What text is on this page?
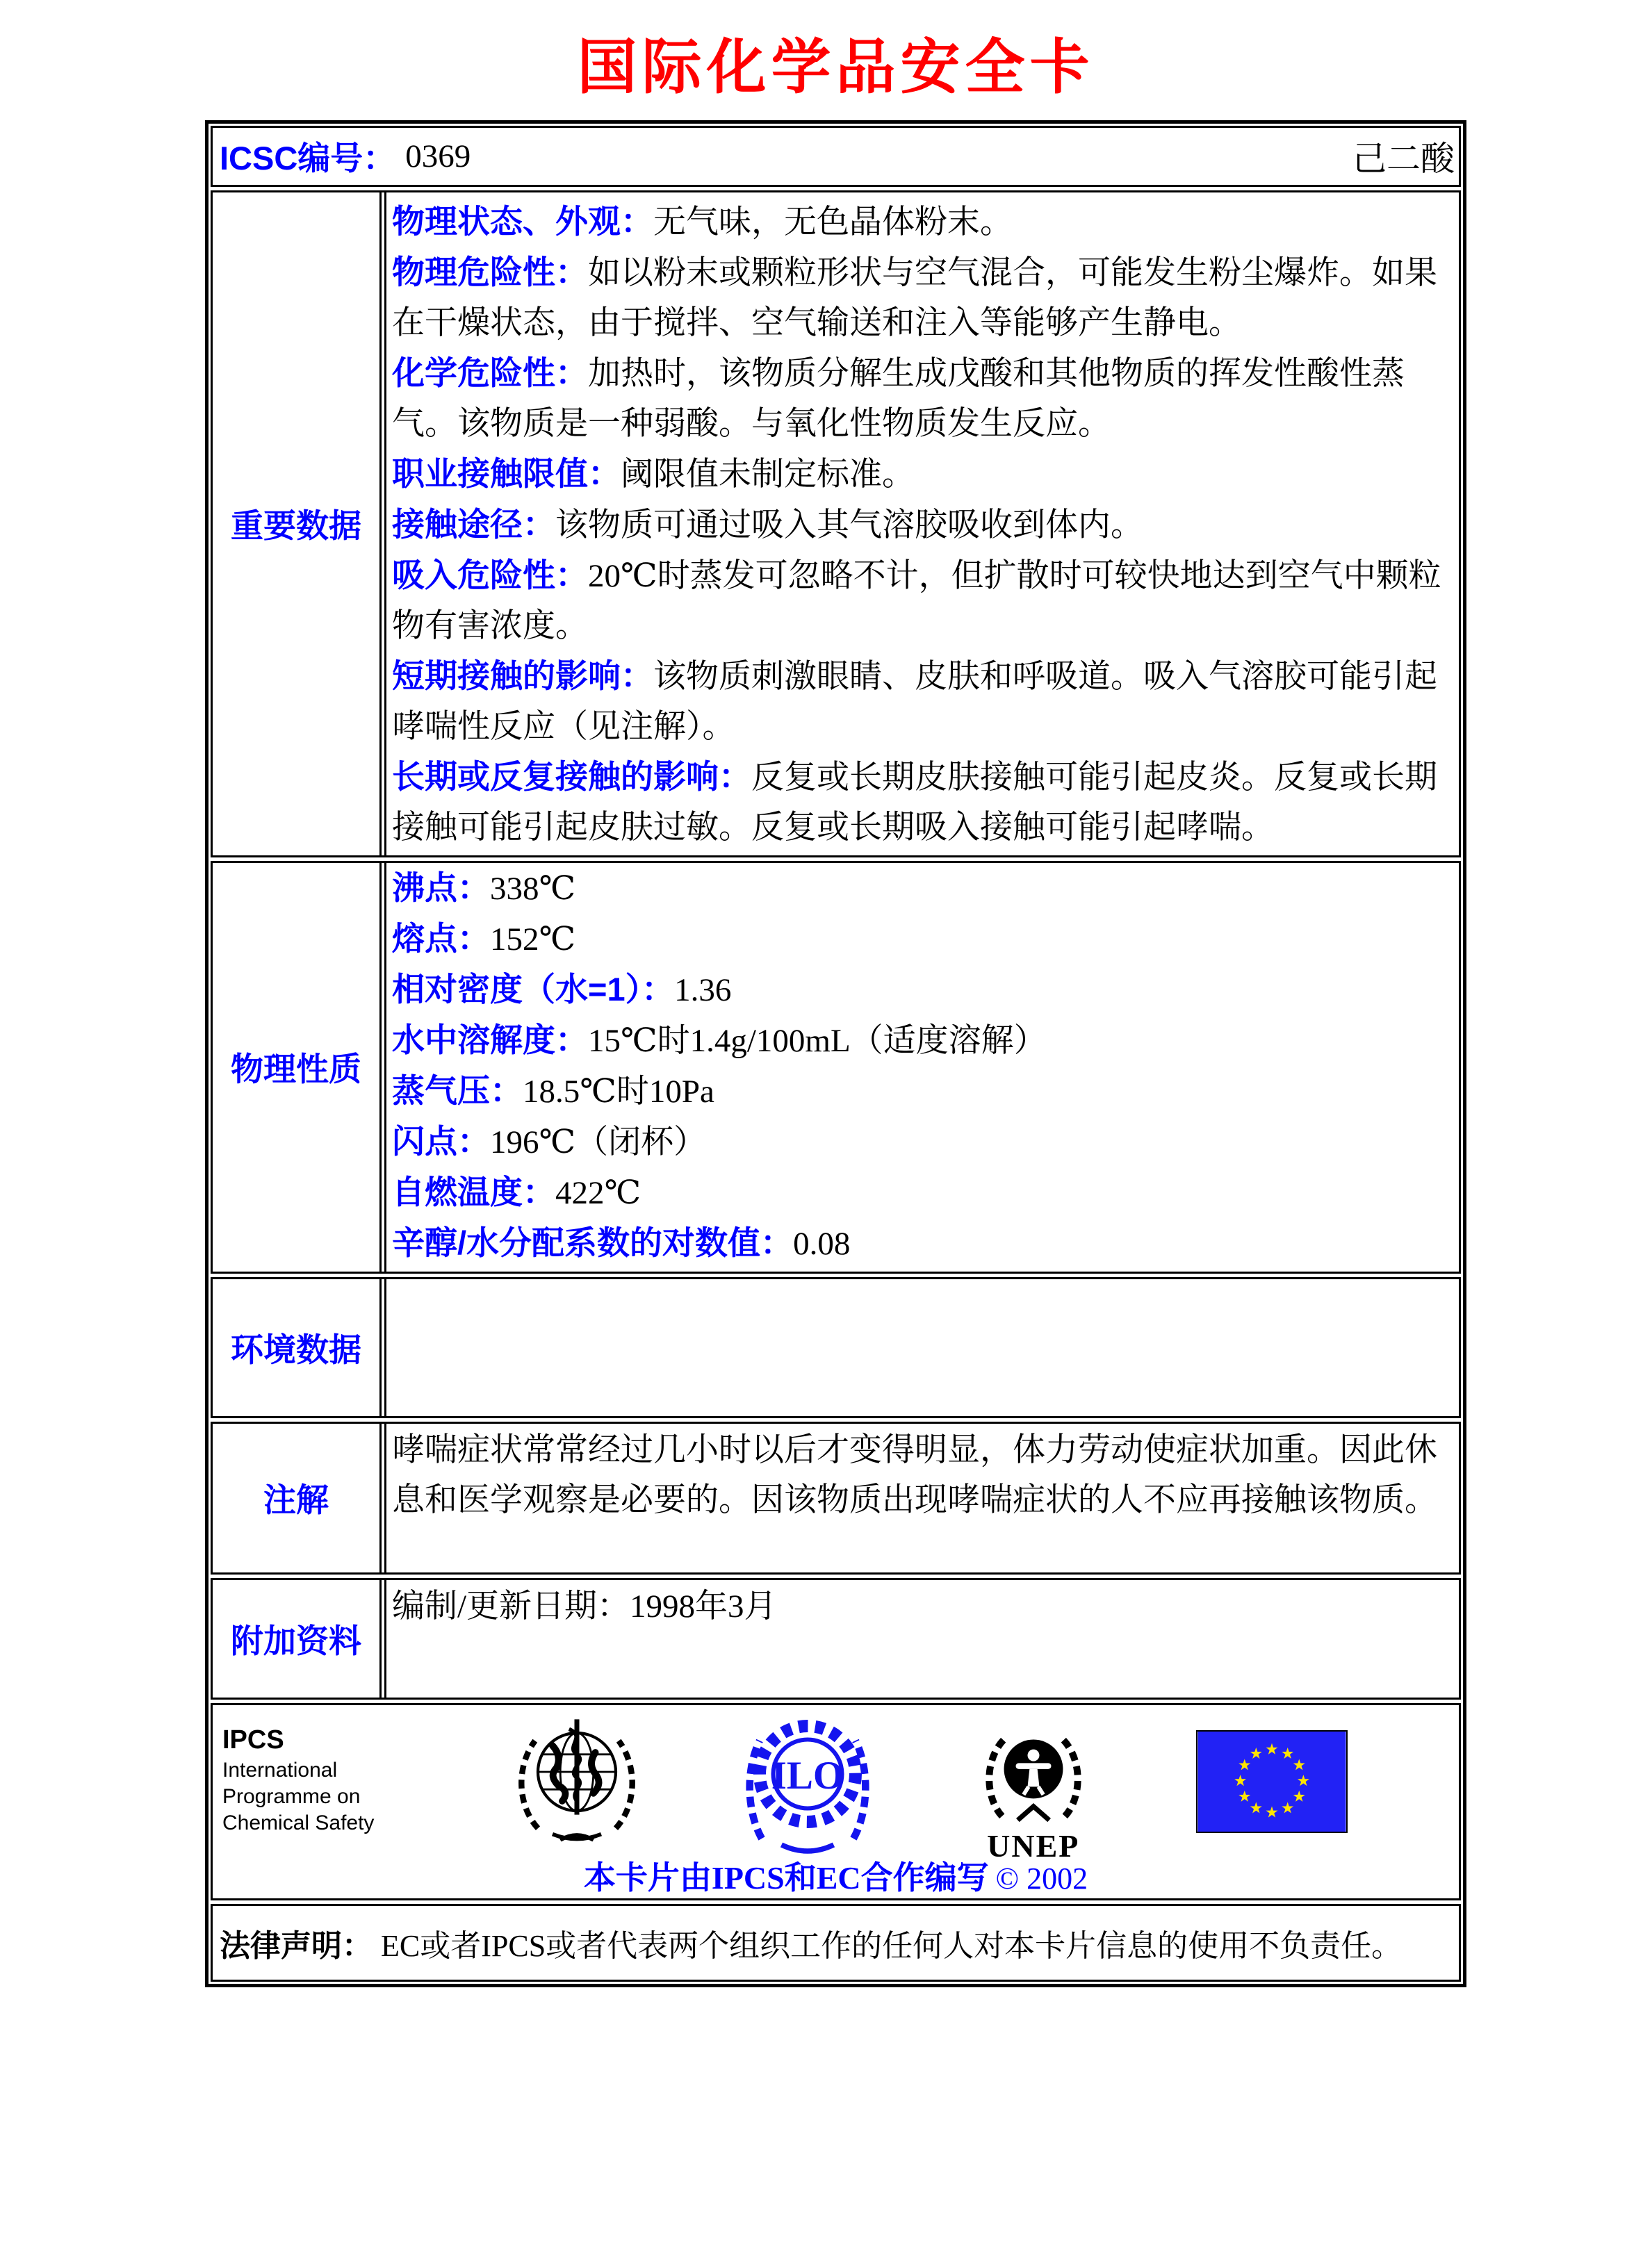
国际化学品安全卡
ICSC编号： 0369	己二酸
重要数据
物理状态、外观：无气味，无色晶体粉末。
物理危险性：如以粉末或颗粒形状与空气混合，可能发生粉尘爆炸。如果在干燥状态，由于搅拌、空气输送和注入等能够产生静电。
化学危险性：加热时，该物质分解生成戊酸和其他物质的挥发性酸性蒸气。该物质是一种弱酸。与氧化性物质发生反应。
职业接触限值：阈限值未制定标准。
接触途径：该物质可通过吸入其气溶胶吸收到体内。
吸入危险性：20℃时蒸发可忽略不计，但扩散时可较快地达到空气中颗粒物有害浓度。
短期接触的影响：该物质刺激眼睛、皮肤和呼吸道。吸入气溶胶可能引起哮喘性反应（见注解）。
长期或反复接触的影响：反复或长期皮肤接触可能引起皮炎。反复或长期接触可能引起皮肤过敏。反复或长期吸入接触可能引起哮喘。
物理性质
沸点：338℃
熔点：152℃
相对密度（水=1）：1.36
水中溶解度：15℃时1.4g/100mL（适度溶解）
蒸气压：18.5℃时10Pa
闪点：196℃（闭杯）
自燃温度：422℃
辛醇/水分配系数的对数值：0.08
环境数据
注解
哮喘症状常常经过几小时以后才变得明显，体力劳动使症状加重。因此休息和医学观察是必要的。因该物质出现哮喘症状的人不应再接触该物质。
附加资料
编制/更新日期：1998年3月
IPCS
International
Programme on
Chemical Safety
ILO
UNEP
本卡片由IPCS和EC合作编写 © 2002
法律声明： EC或者IPCS或者代表两个组织工作的任何人对本卡片信息的使用不负责任。
